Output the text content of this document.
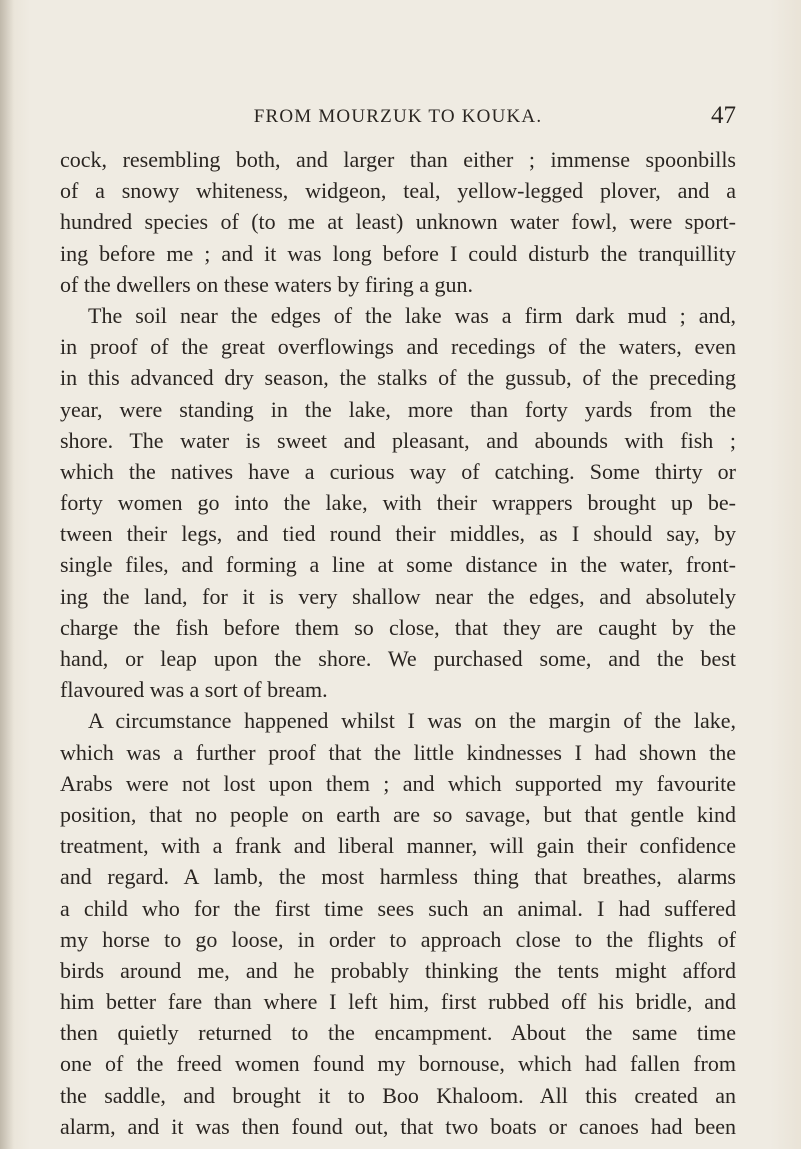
FROM MOURZUK TO KOUKA.	47
cock, resembling both, and larger than either ; immense spoonbills
of a snowy whiteness, widgeon, teal, yellow-legged plover, and a
hundred species of (to me at least) unknown water fowl, were sport-
ing before me ; and it was long before I could disturb the tranquillity
of the dwellers on these waters by firing a gun.
The soil near the edges of the lake was a firm dark mud ; and,
in proof of the great overflowings and recedings of the waters, even
in this advanced dry season, the stalks of the gussub, of the preceding
year, were standing in the lake, more than forty yards from the
shore. The water is sweet and pleasant, and abounds with fish ;
which the natives have a curious way of catching. Some thirty or
forty women go into the lake, with their wrappers brought up be-
tween their legs, and tied round their middles, as I should say, by
single files, and forming a line at some distance in the water, front-
ing the land, for it is very shallow near the edges, and absolutely
charge the fish before them so close, that they are caught by the
hand, or leap upon the shore. We purchased some, and the best
flavoured was a sort of bream.
A circumstance happened whilst I was on the margin of the lake,
which was a further proof that the little kindnesses I had shown the
Arabs were not lost upon them ; and which supported my favourite
position, that no people on earth are so savage, but that gentle kind
treatment, with a frank and liberal manner, will gain their confidence
and regard. A lamb, the most harmless thing that breathes, alarms
a child who for the first time sees such an animal. I had suffered
my horse to go loose, in order to approach close to the flights of
birds around me, and he probably thinking the tents might afford
him better fare than where I left him, first rubbed off his bridle, and
then quietly returned to the encampment. About the same time
one of the freed women found my bornouse, which had fallen from
the saddle, and brought it to Boo Khaloom. All this created an
alarm, and it was then found out, that two boats or canoes had been
